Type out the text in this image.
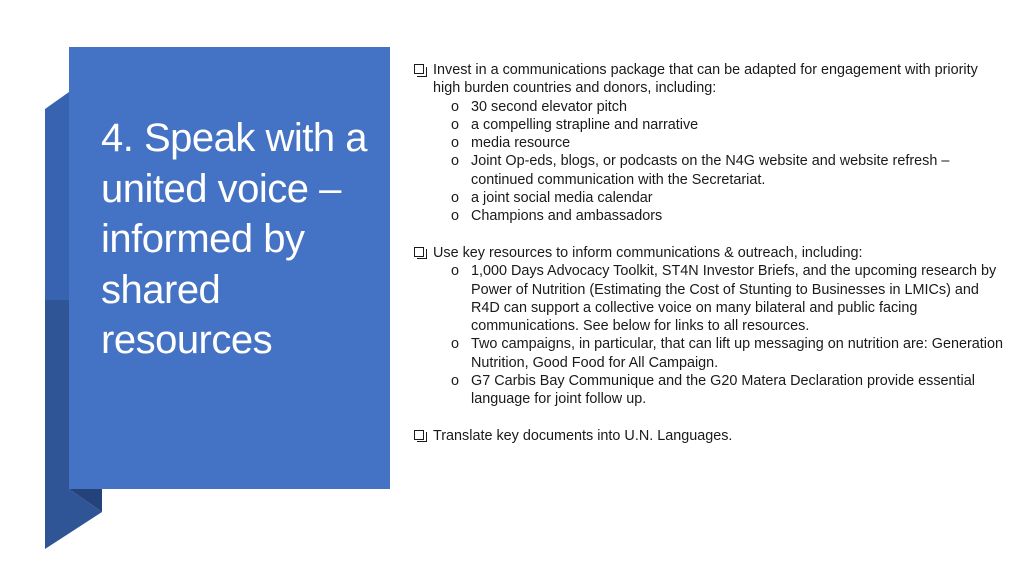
4. Speak with a united voice – informed by shared resources
Invest in a communications package that can be adapted for engagement with priority high burden countries and donors, including:
o 30 second elevator pitch
o a compelling strapline and narrative
o media resource
o Joint Op-eds, blogs, or podcasts on the N4G website and website refresh – continued communication with the Secretariat.
o a joint social media calendar
o Champions and ambassadors
Use key resources to inform communications & outreach, including:
o 1,000 Days Advocacy Toolkit, ST4N Investor Briefs, and the upcoming research by Power of Nutrition (Estimating the Cost of Stunting to Businesses in LMICs) and R4D can support a collective voice on many bilateral and public facing communications. See below for links to all resources.
o Two campaigns, in particular, that can lift up messaging on nutrition are: Generation Nutrition, Good Food for All Campaign.
o G7 Carbis Bay Communique and the G20 Matera Declaration provide essential language for joint follow up.
Translate key documents into U.N. Languages.
